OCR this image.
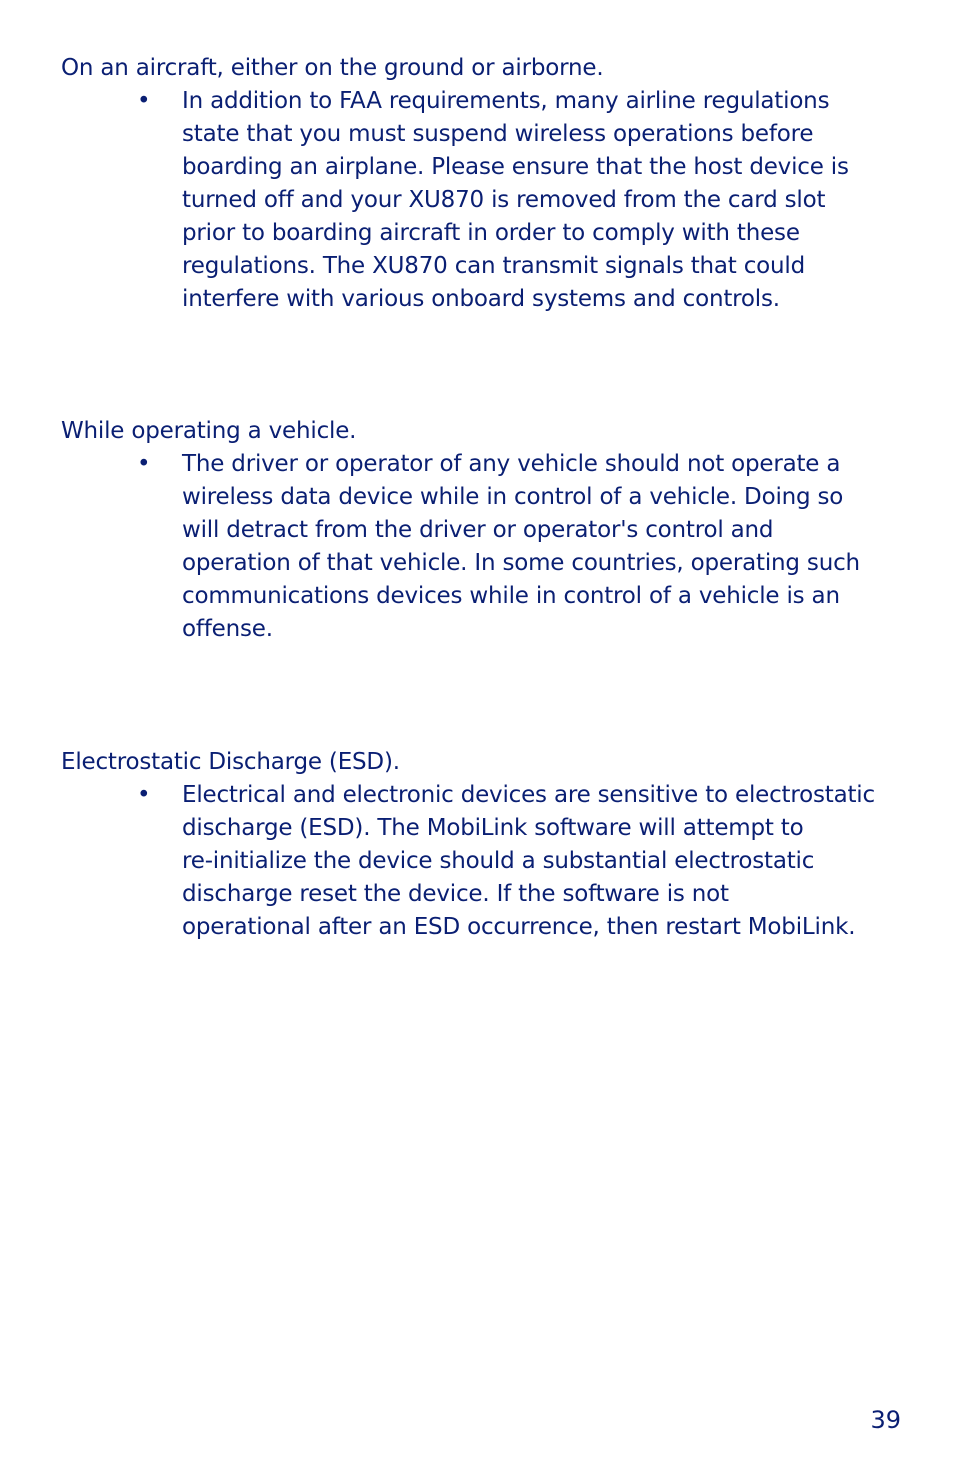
On an aircraft, either on the ground or airborne.

• In addition to FAA requirements, many airline regulations
state that you must suspend wireless operations before
boarding an airplane. Please ensure that the host device is
turned off and your XU870 is removed from the card slot
prior to boarding aircraft in order to comply with these
regulations. The XU870 can transmit signals that could
interfere with various onboard systems and controls.

While operating a vehicle.

• The driver or operator of any vehicle should not operate a
wireless data device while in control of a vehicle. Doing so
will detract from the driver or operator's control and
operation of that vehicle. In some countries, operating such
communications devices while in control of a vehicle is an
offense.

Electrostatic Discharge (ESD).

• Electrical and electronic devices are sensitive to electrostatic
discharge (ESD). The MobiLink software will attempt to
re-initialize the device should a substantial electrostatic
discharge reset the device. If the software is not
operational after an ESD occurrence, then restart MobiLink.
39
